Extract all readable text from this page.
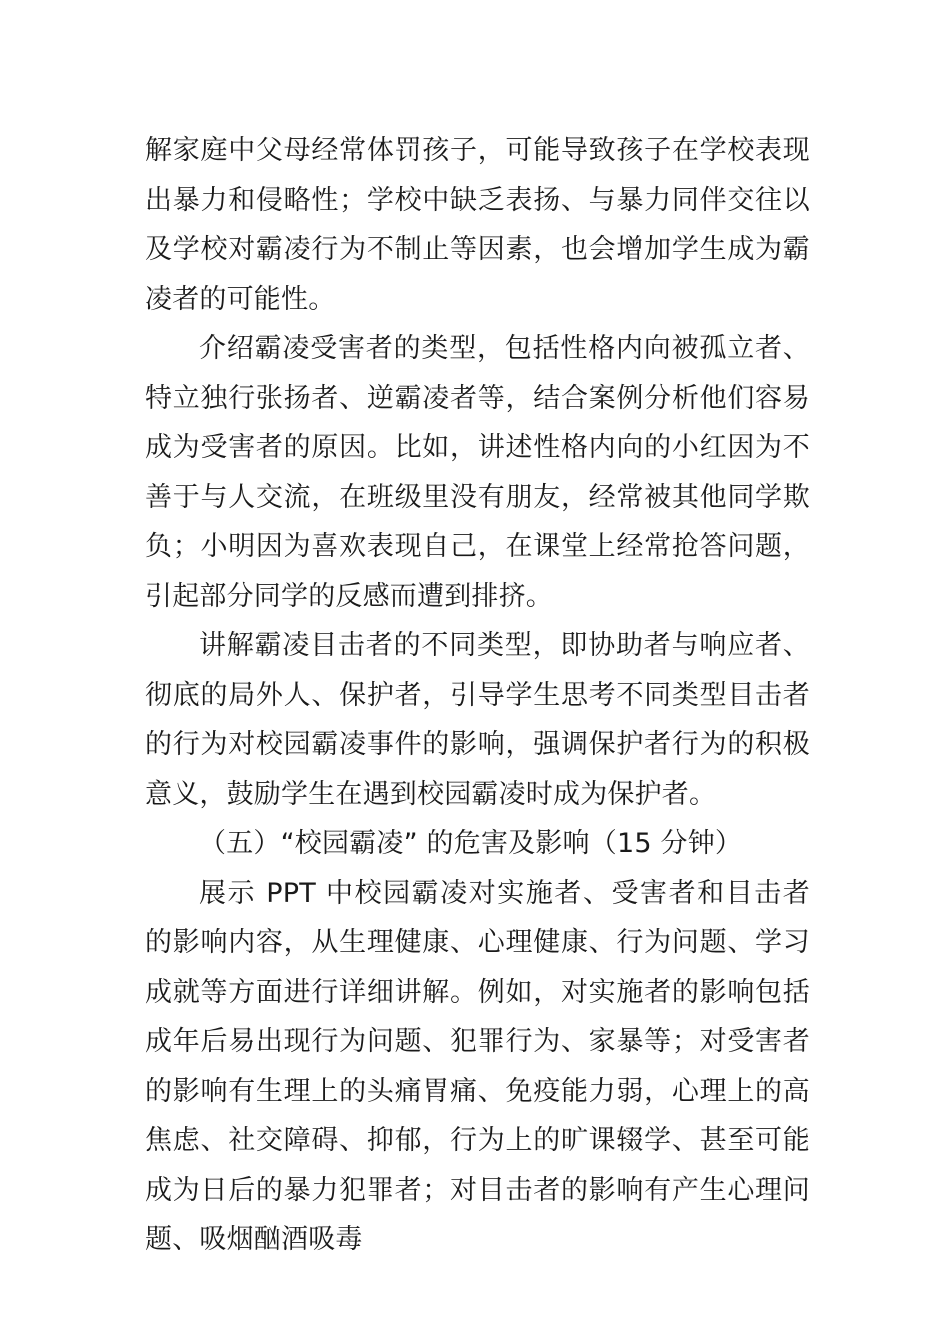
解家庭中父母经常体罚孩子，可能导致孩子在学校表现出暴力和侵略性；学校中缺乏表扬、与暴力同伴交往以及学校对霸凌行为不制止等因素，也会增加学生成为霸凌者的可能性。

介绍霸凌受害者的类型，包括性格内向被孤立者、特立独行张扬者、逆霸凌者等，结合案例分析他们容易成为受害者的原因。比如，讲述性格内向的小红因为不善于与人交流，在班级里没有朋友，经常被其他同学欺负；小明因为喜欢表现自己，在课堂上经常抢答问题，引起部分同学的反感而遭到排挤。

讲解霸凌目击者的不同类型，即协助者与响应者、彻底的局外人、保护者，引导学生思考不同类型目击者的行为对校园霸凌事件的影响，强调保护者行为的积极意义，鼓励学生在遇到校园霸凌时成为保护者。

（五）“校园霸凌” 的危害及影响（15 分钟）

展示 PPT 中校园霸凌对实施者、受害者和目击者的影响内容，从生理健康、心理健康、行为问题、学习成就等方面进行详细讲解。例如，对实施者的影响包括成年后易出现行为问题、犯罪行为、家暴等；对受害者的影响有生理上的头痛胃痛、免疫能力弱，心理上的高焦虑、社交障碍、抑郁，行为上的旷课辍学、甚至可能成为日后的暴力犯罪者；对目击者的影响有产生心理问题、吸烟酗酒吸毒
